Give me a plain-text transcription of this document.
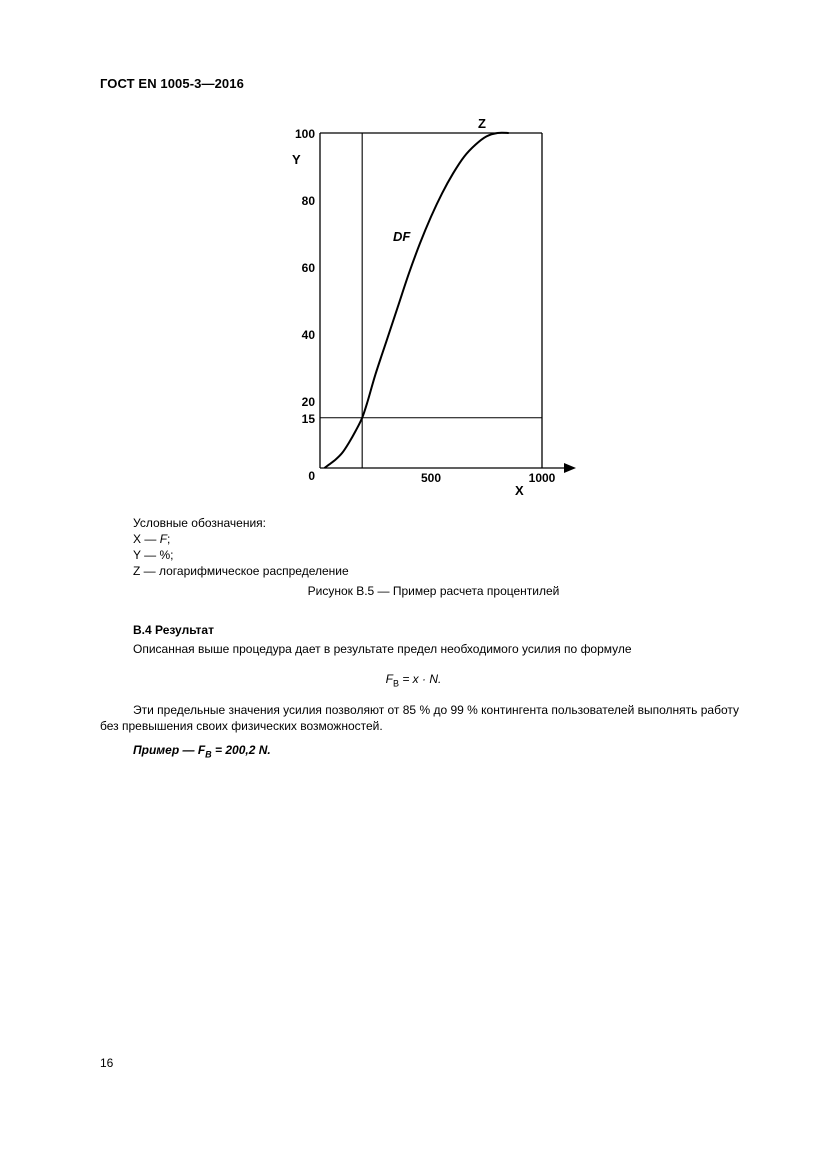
ГОСТ EN 1005-3—2016
0
15
20
40
60
80
100
500	1000
Y
X
DF
Z
Условные обозначения:
X — F;
Y — %;
Z — логарифмическое распределение
Рисунок В.5 — Пример расчета процентилей
В.4 Результат
Описанная выше процедура дает в результате предел необходимого усилия по формуле
$F_B = x \cdot N$.
Эти предельные значения усилия позволяют от 85 % до 99 % контингента пользователей выполнять работу
без превышения своих физических возможностей.
Пример — $F_B = 200,2$ N.
16
